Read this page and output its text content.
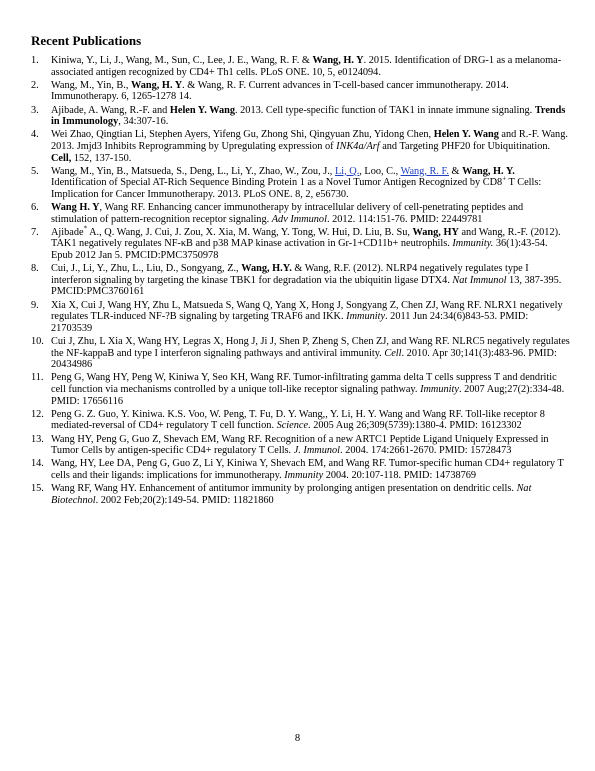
Recent Publications
1. Kiniwa, Y., Li, J., Wang, M., Sun, C., Lee, J. E., Wang, R. F. & Wang, H. Y. 2015. Identification of DRG-1 as a melanoma-associated antigen recognized by CD4+ Th1 cells. PLoS ONE. 10, 5, e0124094.
2. Wang, M., Yin, B., Wang, H. Y. & Wang, R. F. Current advances in T-cell-based cancer immunotherapy. 2014. Immunotherapy. 6, 1265-1278 14.
3. Ajibade, A. Wang, R.-F. and Helen Y. Wang. 2013. Cell type-specific function of TAK1 in innate immune signaling. Trends in Immunology, 34:307-16.
4. Wei Zhao, Qingtian Li, Stephen Ayers, Yifeng Gu, Zhong Shi, Qingyuan Zhu, Yidong Chen, Helen Y. Wang and R.-F. Wang. 2013. Jmjd3 Inhibits Reprogramming by Upregulating expression of INK4a/Arf and Targeting PHF20 for Ubiquitination. Cell, 152, 137-150.
5. Wang, M., Yin, B., Matsueda, S., Deng, L., Li, Y., Zhao, W., Zou, J., Li, Q., Loo, C., Wang, R. F. & Wang, H. Y. Identification of Special AT-Rich Sequence Binding Protein 1 as a Novel Tumor Antigen Recognized by CD8+ T Cells: Implication for Cancer Immunotherapy. 2013. PLoS ONE. 8, 2, e56730.
6. Wang H. Y, Wang RF. Enhancing cancer immunotherapy by intracellular delivery of cell-penetrating peptides and stimulation of pattern-recognition receptor signaling. Adv Immunol. 2012. 114:151-76. PMID: 22449781
7. Ajibade* A., Q. Wang, J. Cui, J. Zou, X. Xia, M. Wang, Y. Tong, W. Hui, D. Liu, B. Su, Wang, HY and Wang, R.-F. (2012). TAK1 negatively regulates NF-κB and p38 MAP kinase activation in Gr-1+CD11b+ neutrophils. Immunity. 36(1):43-54. Epub 2012 Jan 5. PMCID:PMC3750978
8. Cui, J., Li, Y., Zhu, L., Liu, D., Songyang, Z., Wang, H.Y. & Wang, R.F. (2012). NLRP4 negatively regulates type I interferon signaling by targeting the kinase TBK1 for degradation via the ubiquitin ligase DTX4. Nat Immunol 13, 387-395. PMCID:PMC3760161
9. Xia X, Cui J, Wang HY, Zhu L, Matsueda S, Wang Q, Yang X, Hong J, Songyang Z, Chen ZJ, Wang RF. NLRX1 negatively regulates TLR-induced NF-?B signaling by targeting TRAF6 and IKK. Immunity. 2011 Jun 24:34(6)843-53. PMID: 21703539
10. Cui J, Zhu, L Xia X, Wang HY, Legras X, Hong J, Ji J, Shen P, Zheng S, Chen ZJ, and Wang RF. NLRC5 negatively regulates the NF-kappaB and type I interferon signaling pathways and antiviral immunity. Cell. 2010. Apr 30;141(3):483-96. PMID: 20434986
11. Peng G, Wang HY, Peng W, Kiniwa Y, Seo KH, Wang RF. Tumor-infiltrating gamma delta T cells suppress T and dendritic cell function via mechanisms controlled by a unique toll-like receptor signaling pathway. Immunity. 2007 Aug;27(2):334-48. PMID: 17656116
12. Peng G. Z. Guo, Y. Kiniwa. K.S. Voo, W. Peng, T. Fu, D. Y. Wang,, Y. Li, H. Y. Wang and Wang RF. Toll-like receptor 8 mediated-reversal of CD4+ regulatory T cell function. Science. 2005 Aug 26;309(5739):1380-4. PMID: 16123302
13. Wang HY, Peng G, Guo Z, Shevach EM, Wang RF. Recognition of a new ARTC1 Peptide Ligand Uniquely Expressed in Tumor Cells by antigen-specific CD4+ regulatory T Cells. J. Immunol. 2004. 174:2661-2670. PMID: 15728473
14. Wang, HY, Lee DA, Peng G, Guo Z, Li Y, Kiniwa Y, Shevach EM, and Wang RF. Tumor-specific human CD4+ regulatory T cells and their ligands: implications for immunotherapy. Immunity 2004. 20:107-118. PMID: 14738769
15. Wang RF, Wang HY. Enhancement of antitumor immunity by prolonging antigen presentation on dendritic cells. Nat Biotechnol. 2002 Feb;20(2):149-54. PMID: 11821860
8
